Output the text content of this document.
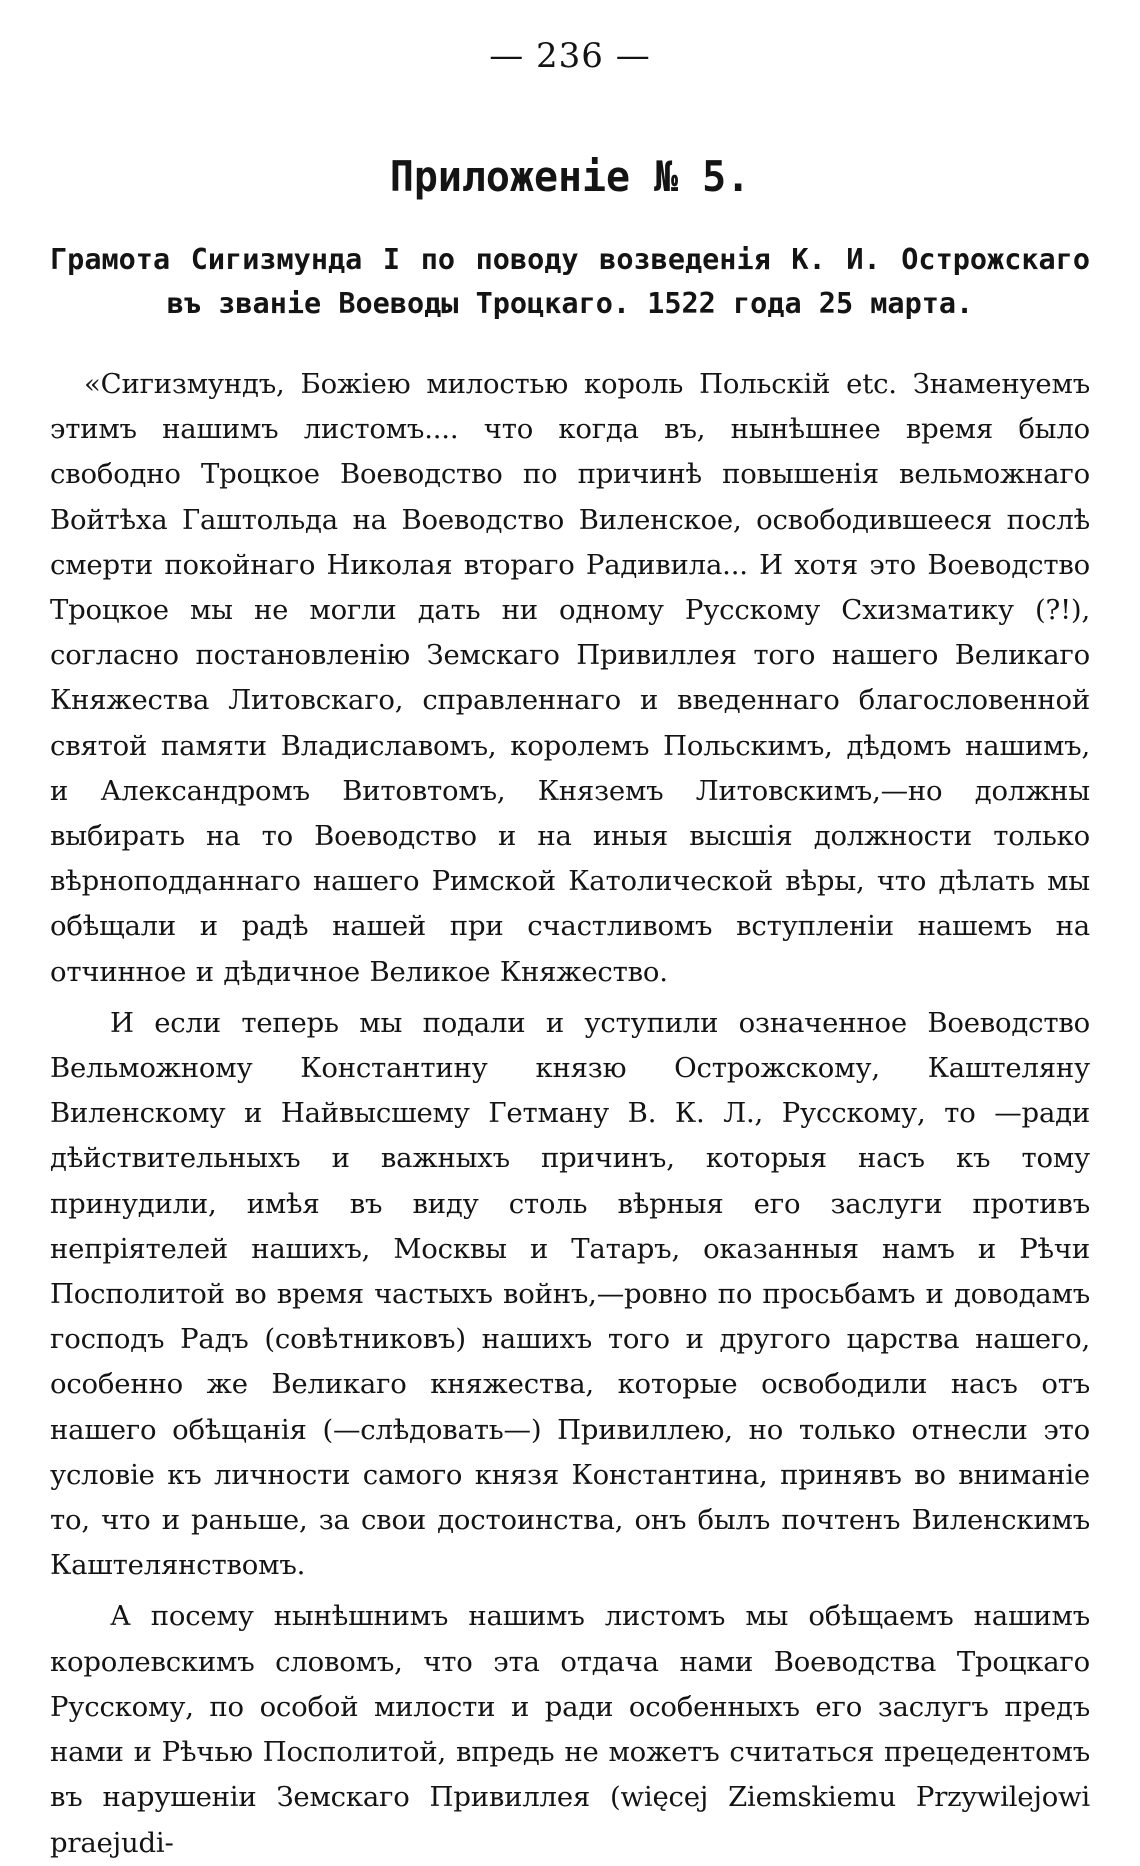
— 236 —

Приложенiе № 5.
Грамота Сигизмунда I по поводу возведенiя К. И. Острожскаго въ званiе Воеводы Троцкаго. 1522 года 25 марта.

«Сигизмундъ, Божiею милостью король Польскiй etc. Знаменуемъ этимъ нашимъ листомъ.... что когда въ, нынѣшнее время было свободно Троцкое Воеводство по причинѣ повышенiя вельможнаго Войтѣха Гаштольда на Воеводство Виленское, освободившееся послѣ смерти покойнаго Николая втораго Радивила... И хотя это Воеводство Троцкое мы не могли дать ни одному Русскому Схизматику (?!), согласно постановленiю Земскаго Привиллея того нашего Великаго Княжества Литовскаго, справленнаго и введеннаго благословенной святой памяти Владиславомъ, королемъ Польскимъ, дѣдомъ нашимъ, и Александромъ Витовтомъ, Княземъ Литовскимъ,—но должны выбирать на то Воеводство и на иныя высшiя должности только вѣрноподданнаго нашего Римской Католической вѣры, что дѣлать мы обѣщали и радѣ нашей при счастливомъ вступленiи нашемъ на отчинное и дѣдичное Великое Княжество.

И если теперь мы подали и уступили означенное Воеводство Вельможному Константину князю Острожскому, Каштеляну Виленскому и Найвысшему Гетману В. К. Л., Русскому, то —ради дѣйствительныхъ и важныхъ причинъ, которыя насъ къ тому принудили, имѣя въ виду столь вѣрныя его заслуги противъ непрiятелей нашихъ, Москвы и Татаръ, оказанныя намъ и Рѣчи Посполитой во время частыхъ войнъ,—ровно по просьбамъ и доводамъ господъ Радъ (совѣтниковъ) нашихъ того и другого царства нашего, особенно же Великаго княжества, которые освободили насъ отъ нашего обѣщанiя (—слѣдовать—) Привиллею, но только отнесли это условiе къ личности самого князя Константина, принявъ во вниманiе то, что и раньше, за свои достоинства, онъ былъ почтенъ Виленскимъ Каштелянствомъ.

А посему нынѣшнимъ нашимъ листомъ мы обѣщаемъ нашимъ королевскимъ словомъ, что эта отдача нами Воеводства Троцкаго Русскому, по особой милости и ради особенныхъ его заслугъ предъ нами и Рѣчью Посполитой, впредь не можетъ считаться прецедентомъ въ нарушенiи Земскаго Привиллея (więcej Ziemskiemu Przywilejowi praejudi-
